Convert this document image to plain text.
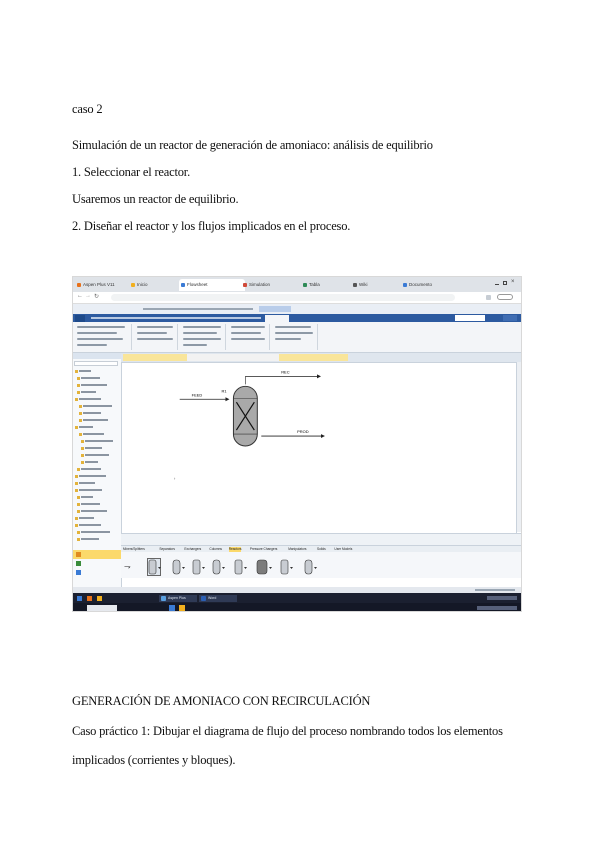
caso 2
Simulación de un reactor de generación de amoniaco: análisis de equilibrio
1. Seleccionar el reactor.
Usaremos un reactor de equilibrio.
2. Diseñar el reactor y los flujos implicados en el proceso.
Aspen Plus V11	Inicio	Flowsheet	Simulation	Tabla	Wiki	Documento	×
← → ↻
FEED
REC
PROD
R1
›
Mixers/Splitters	Separators	Exchangers	Columns Reactors	Pressure Changers	Manipulators	Solids	User Models
⇁
Aspen Plus	Word
GENERACIÓN DE AMONIACO CON RECIRCULACIÓN
Caso práctico 1: Dibujar el diagrama de flujo del proceso nombrando todos los elementos
implicados (corrientes y bloques).
